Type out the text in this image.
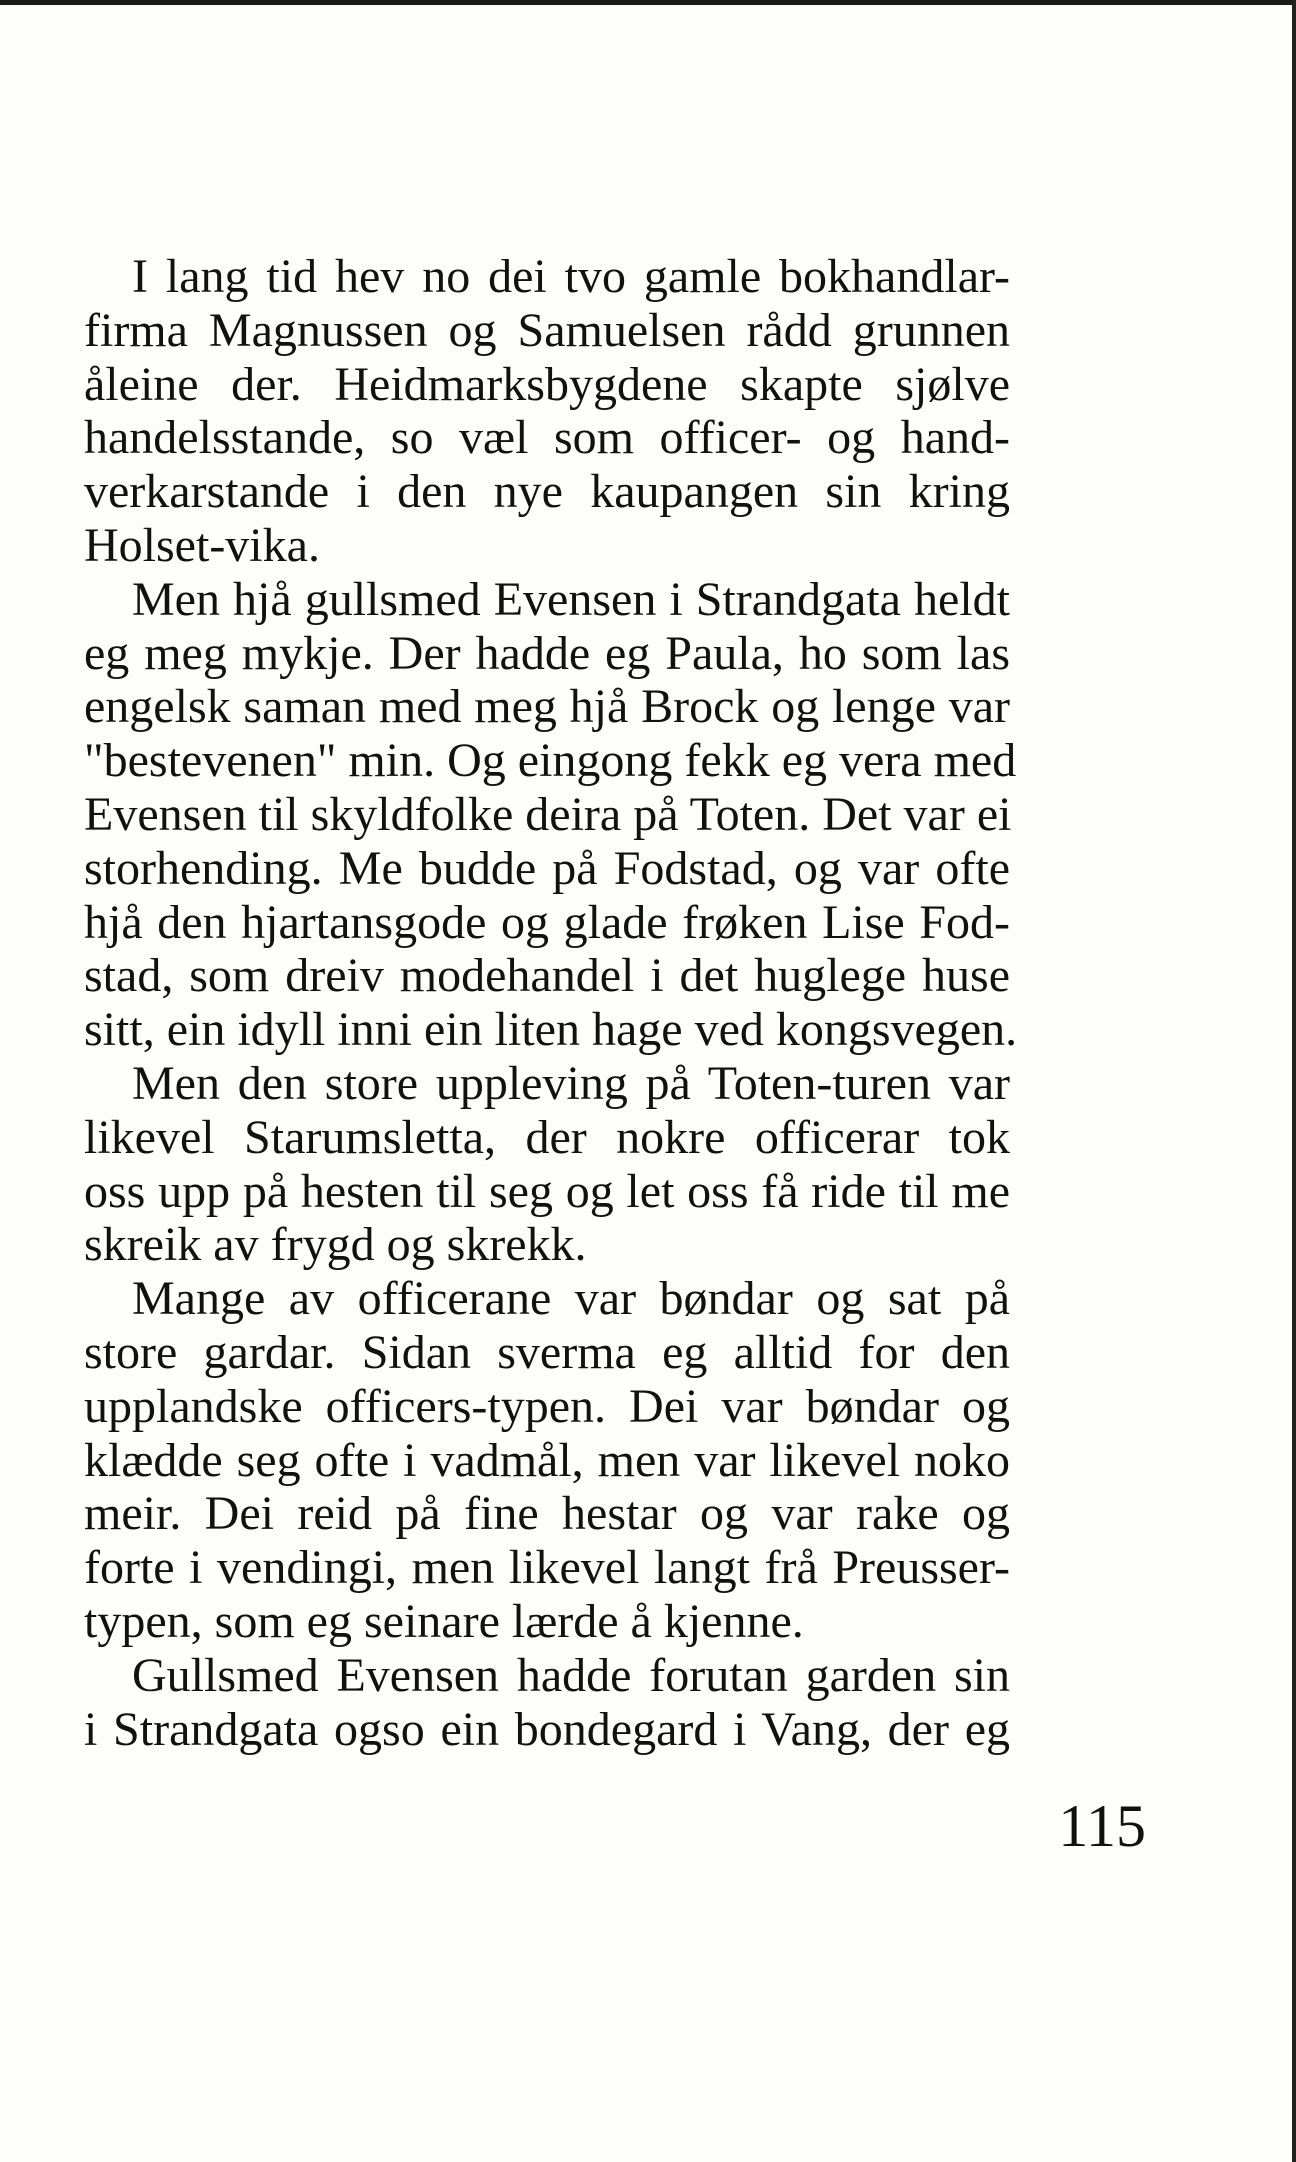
I lang tid hev no dei tvo gamle bokhandlar-
firma Magnussen og Samuelsen rådd grunnen
åleine der. Heidmarksbygdene skapte sjølve
handelsstande, so væl som officer- og hand-
verkarstande i den nye kaupangen sin kring
Holset-vika.
Men hjå gullsmed Evensen i Strandgata heldt
eg meg mykje. Der hadde eg Paula, ho som las
engelsk saman med meg hjå Brock og lenge var
"bestevenen" min. Og eingong fekk eg vera med
Evensen til skyldfolke deira på Toten. Det var ei
storhending. Me budde på Fodstad, og var ofte
hjå den hjartansgode og glade frøken Lise Fod-
stad, som dreiv modehandel i det huglege huse
sitt, ein idyll inni ein liten hage ved kongsvegen.
Men den store uppleving på Toten-turen var
likevel Starumsletta, der nokre officerar tok
oss upp på hesten til seg og let oss få ride til me
skreik av frygd og skrekk.
Mange av officerane var bøndar og sat på
store gardar. Sidan sverma eg alltid for den
upplandske officers-typen. Dei var bøndar og
klædde seg ofte i vadmål, men var likevel noko
meir. Dei reid på fine hestar og var rake og
forte i vendingi, men likevel langt frå Preusser-
typen, som eg seinare lærde å kjenne.
Gullsmed Evensen hadde forutan garden sin
i Strandgata ogso ein bondegard i Vang, der eg
115
